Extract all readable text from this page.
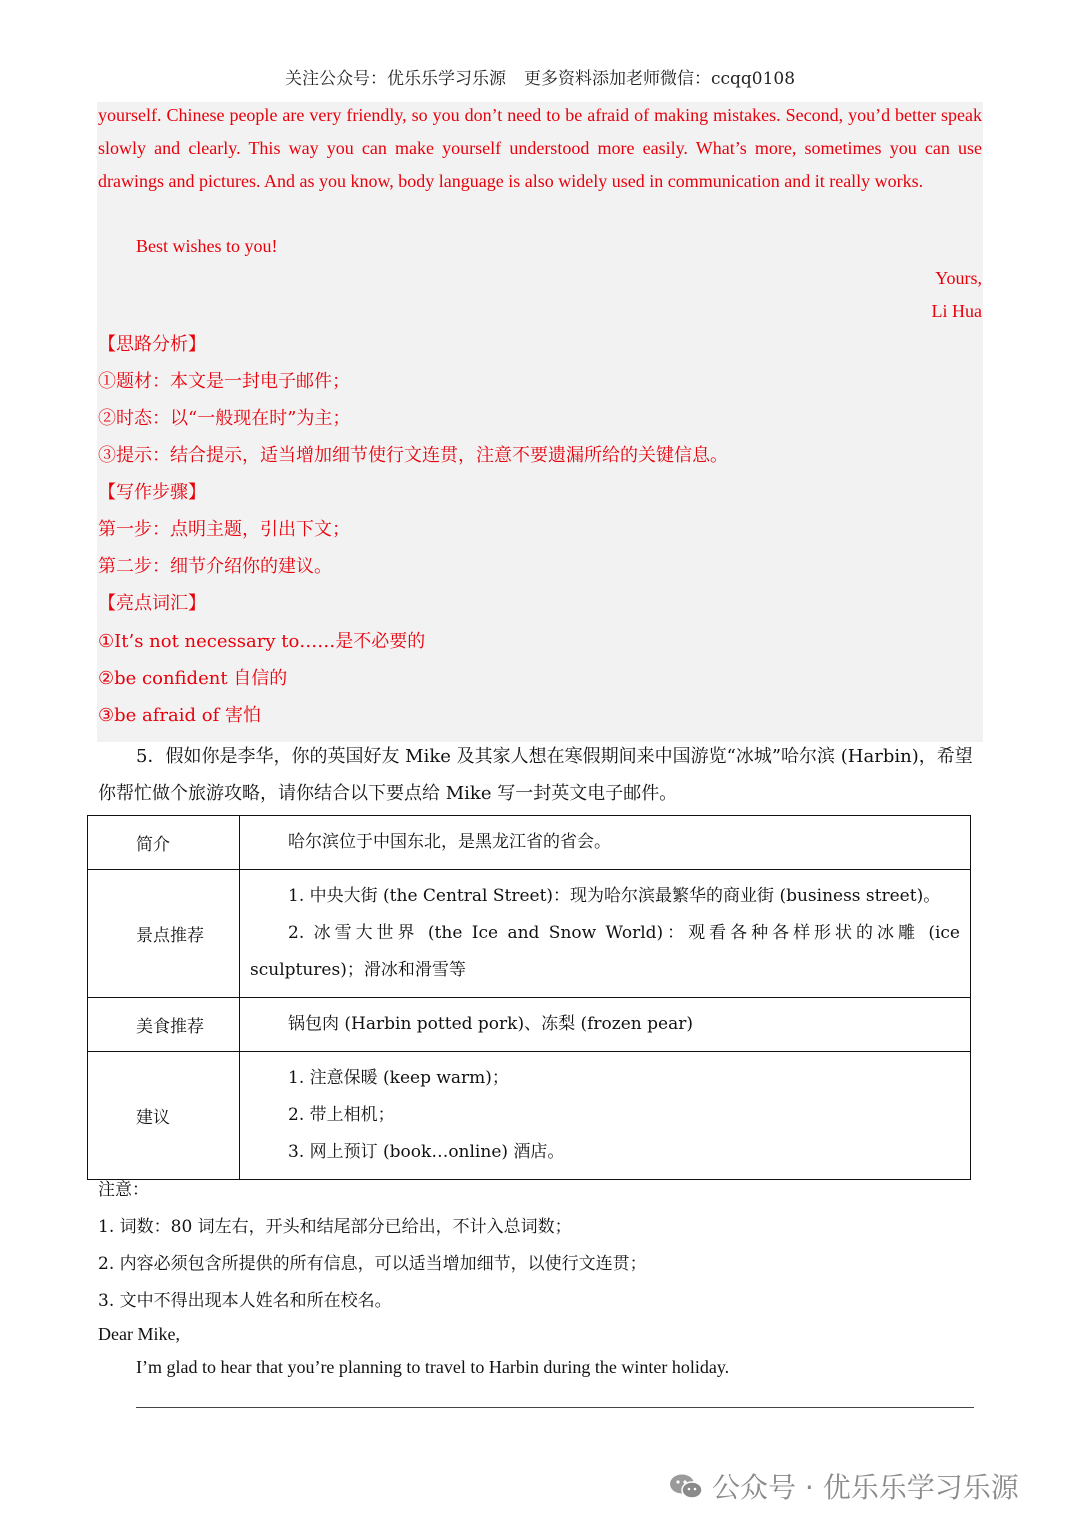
关注公众号：优乐乐学习乐源 更多资料添加老师微信：ccqq0108
yourself. Chinese people are very friendly, so you don’t need to be afraid of making mistakes. Second, you’d better speak slowly and clearly. This way you can make yourself understood more easily. What’s more, sometimes you can use drawings and pictures. And as you know, body language is also widely used in communication and it really works.
Best wishes to you!
Yours,
Li Hua
【思路分析】
①题材：本文是一封电子邮件；
②时态：以“一般现在时”为主；
③提示：结合提示，适当增加细节使行文连贯，注意不要遗漏所给的关键信息。
【写作步骤】
第一步：点明主题，引出下文；
第二步：细节介绍你的建议。
【亮点词汇】
①It’s not necessary to……是不必要的
②be confident 自信的
③be afraid of 害怕
5．假如你是李华，你的英国好友 Mike 及其家人想在寒假期间来中国游览“冰城”哈尔滨 (Harbin)，希望你帮忙做个旅游攻略，请你结合以下要点给 Mike 写一封英文电子邮件。
简介	哈尔滨位于中国东北，是黑龙江省的省会。

景点推荐	1. 中央大街 (the Central Street)：现为哈尔滨最繁华的商业街 (business street)。
2. 冰雪大世界 (the Ice and Snow World)：观看各种各样形状的冰雕 (ice
sculptures)；滑冰和滑雪等

美食推荐	锅包肉 (Harbin potted pork)、冻梨 (frozen pear)

建议	1. 注意保暖 (keep warm)；
2. 带上相机；
3. 网上预订 (book…online) 酒店。
注意：
1. 词数：80 词左右，开头和结尾部分已给出，不计入总词数；
2. 内容必须包含所提供的所有信息，可以适当增加细节，以使行文连贯；
3. 文中不得出现本人姓名和所在校名。
Dear Mike,
I’m glad to hear that you’re planning to travel to Harbin during the winter holiday.
公众号 · 优乐乐学习乐源
